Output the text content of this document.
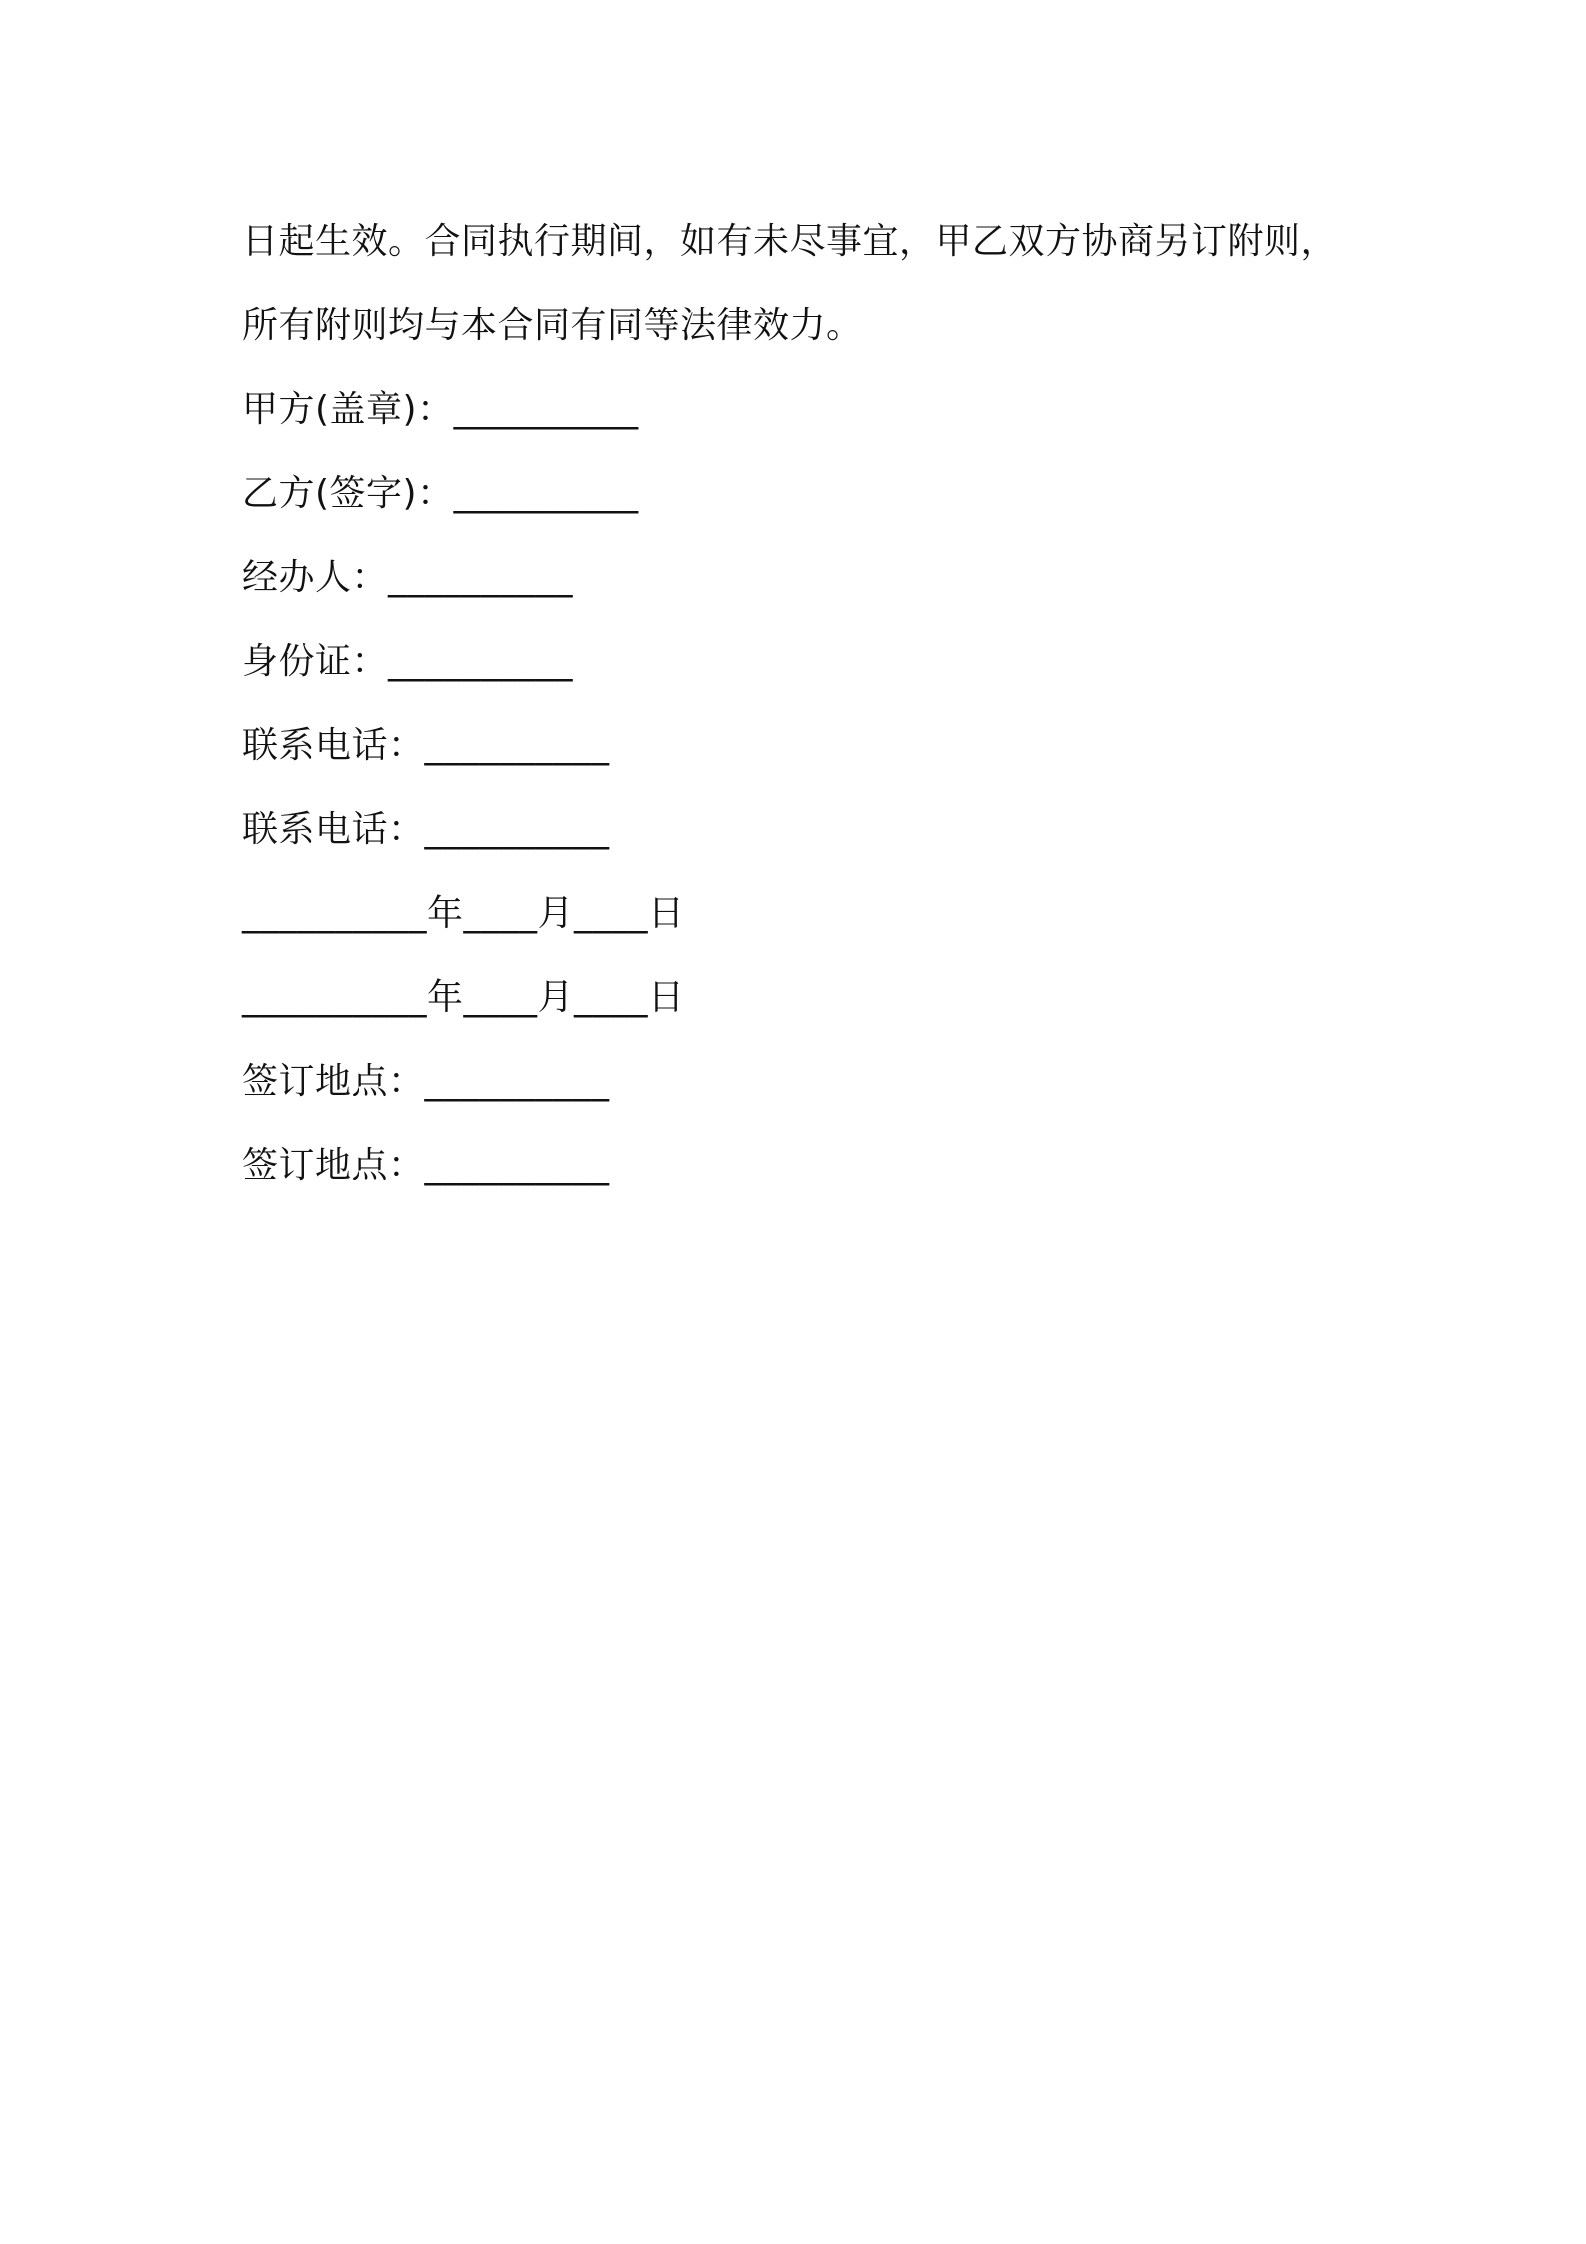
日起生效。合同执行期间，如有未尽事宜，甲乙双方协商另订附则，
所有附则均与本合同有同等法律效力。
甲方(盖章)：__________
乙方(签字)：__________
经办人：__________
身份证：__________
联系电话：__________
联系电话：__________
__________年____月____日
__________年____月____日
签订地点：__________
签订地点：__________
